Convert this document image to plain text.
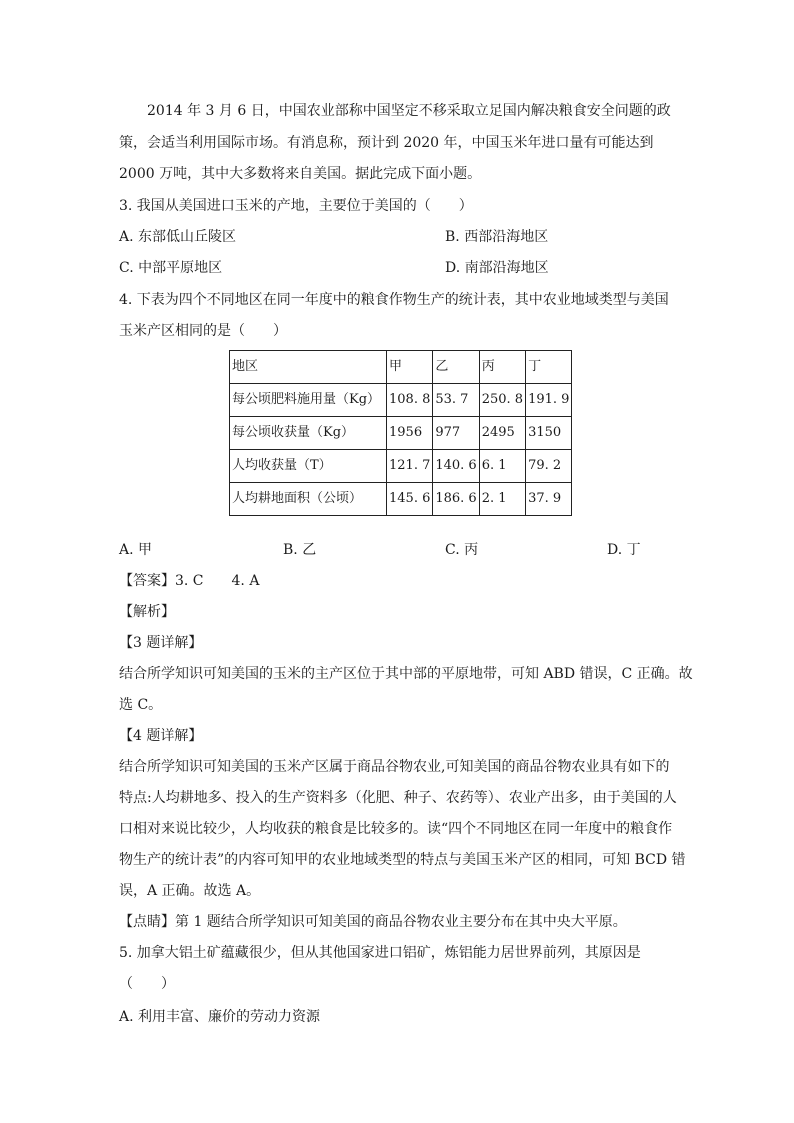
2014 年 3 月 6 日，中国农业部称中国坚定不移采取立足国内解决粮食安全问题的政
策，会适当利用国际市场。有消息称，预计到 2020 年，中国玉米年进口量有可能达到
2000 万吨，其中大多数将来自美国。据此完成下面小题。
3. 我国从美国进口玉米的产地，主要位于美国的（　　）
A. 东部低山丘陵区	B. 西部沿海地区
C. 中部平原地区	D. 南部沿海地区
4. 下表为四个不同地区在同一年度中的粮食作物生产的统计表，其中农业地域类型与美国
玉米产区相同的是（　　）
地区	甲	乙	丙	丁
每公顷肥料施用量（Kg）	108. 8	53. 7	250. 8	191. 9
每公顷收获量（Kg）	1956	977	2495	3150
人均收获量（T）	121. 7	140. 6	6. 1	79. 2
人均耕地面积（公顷）	145. 6	186. 6	2. 1	37. 9
A. 甲	B. 乙	C. 丙	D. 丁
【答案】3. C　　4. A
【解析】
【3 题详解】
结合所学知识可知美国的玉米的主产区位于其中部的平原地带，可知 ABD 错误，C 正确。故
选 C。
【4 题详解】
结合所学知识可知美国的玉米产区属于商品谷物农业,可知美国的商品谷物农业具有如下的
特点:人均耕地多、投入的生产资料多（化肥、种子、农药等）、农业产出多，由于美国的人
口相对来说比较少，人均收获的粮食是比较多的。读“四个不同地区在同一年度中的粮食作
物生产的统计表”的内容可知甲的农业地域类型的特点与美国玉米产区的相同，可知 BCD 错
误，A 正确。故选 A。
【点睛】第 1 题结合所学知识可知美国的商品谷物农业主要分布在其中央大平原。
5. 加拿大铝土矿蕴藏很少，但从其他国家进口铝矿，炼铝能力居世界前列，其原因是
（　　）
A. 利用丰富、廉价的劳动力资源
